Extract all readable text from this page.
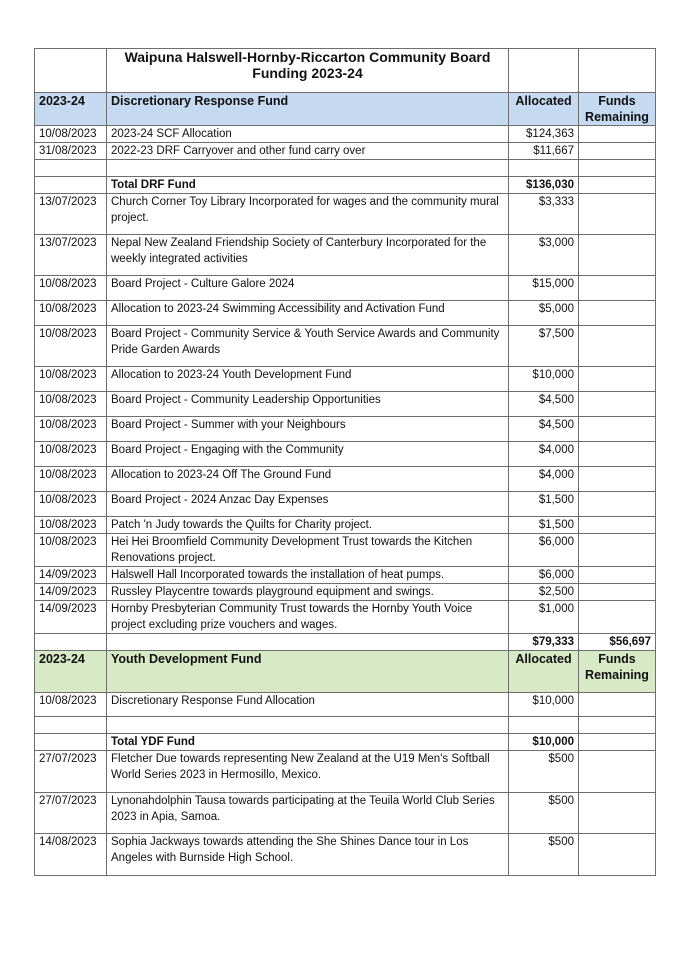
	Waipuna Halswell-Hornby-Riccarton Community Board
Funding 2023-24		
2023-24	Discretionary Response Fund	Allocated	Funds
Remaining
10/08/2023	2023-24 SCF Allocation	$124,363	
31/08/2023	2022-23 DRF Carryover and other fund carry over	$11,667	

	Total DRF Fund	$136,030	
13/07/2023	Church Corner Toy Library Incorporated for wages and the community mural project.	$3,333	
13/07/2023	Nepal New Zealand Friendship Society of Canterbury Incorporated for the weekly integrated activities	$3,000	
10/08/2023	Board Project - Culture Galore 2024	$15,000	
10/08/2023	Allocation to 2023-24 Swimming Accessibility and Activation Fund	$5,000	
10/08/2023	Board Project - Community Service & Youth Service Awards and Community Pride Garden Awards	$7,500	
10/08/2023	Allocation to 2023-24 Youth Development Fund	$10,000	
10/08/2023	Board Project - Community Leadership Opportunities	$4,500	
10/08/2023	Board Project - Summer with your Neighbours	$4,500	
10/08/2023	Board Project - Engaging with the Community	$4,000	
10/08/2023	Allocation to 2023-24 Off The Ground Fund	$4,000	
10/08/2023	Board Project - 2024 Anzac Day Expenses	$1,500	
10/08/2023	Patch 'n Judy towards the Quilts for Charity project.	$1,500	
10/08/2023	Hei Hei Broomfield Community Development Trust towards the Kitchen Renovations project.	$6,000	
14/09/2023	Halswell Hall Incorporated towards the installation of heat pumps.	$6,000	
14/09/2023	Russley Playcentre towards playground equipment and swings.	$2,500	
14/09/2023	Hornby Presbyterian Community Trust towards the Hornby Youth Voice project excluding prize vouchers and wages.	$1,000	
		$79,333	$56,697
2023-24	Youth Development Fund	Allocated	Funds
Remaining
10/08/2023	Discretionary Response Fund Allocation	$10,000	

	Total YDF Fund	$10,000	
27/07/2023	Fletcher Due towards representing New Zealand at the U19 Men's Softball World Series 2023 in Hermosillo, Mexico.	$500	
27/07/2023	Lynonahdolphin Tausa towards participating at the Teuila World Club Series 2023 in Apia, Samoa.	$500	
14/08/2023	Sophia Jackways towards attending the She Shines Dance tour in Los Angeles with Burnside High School.	$500	
